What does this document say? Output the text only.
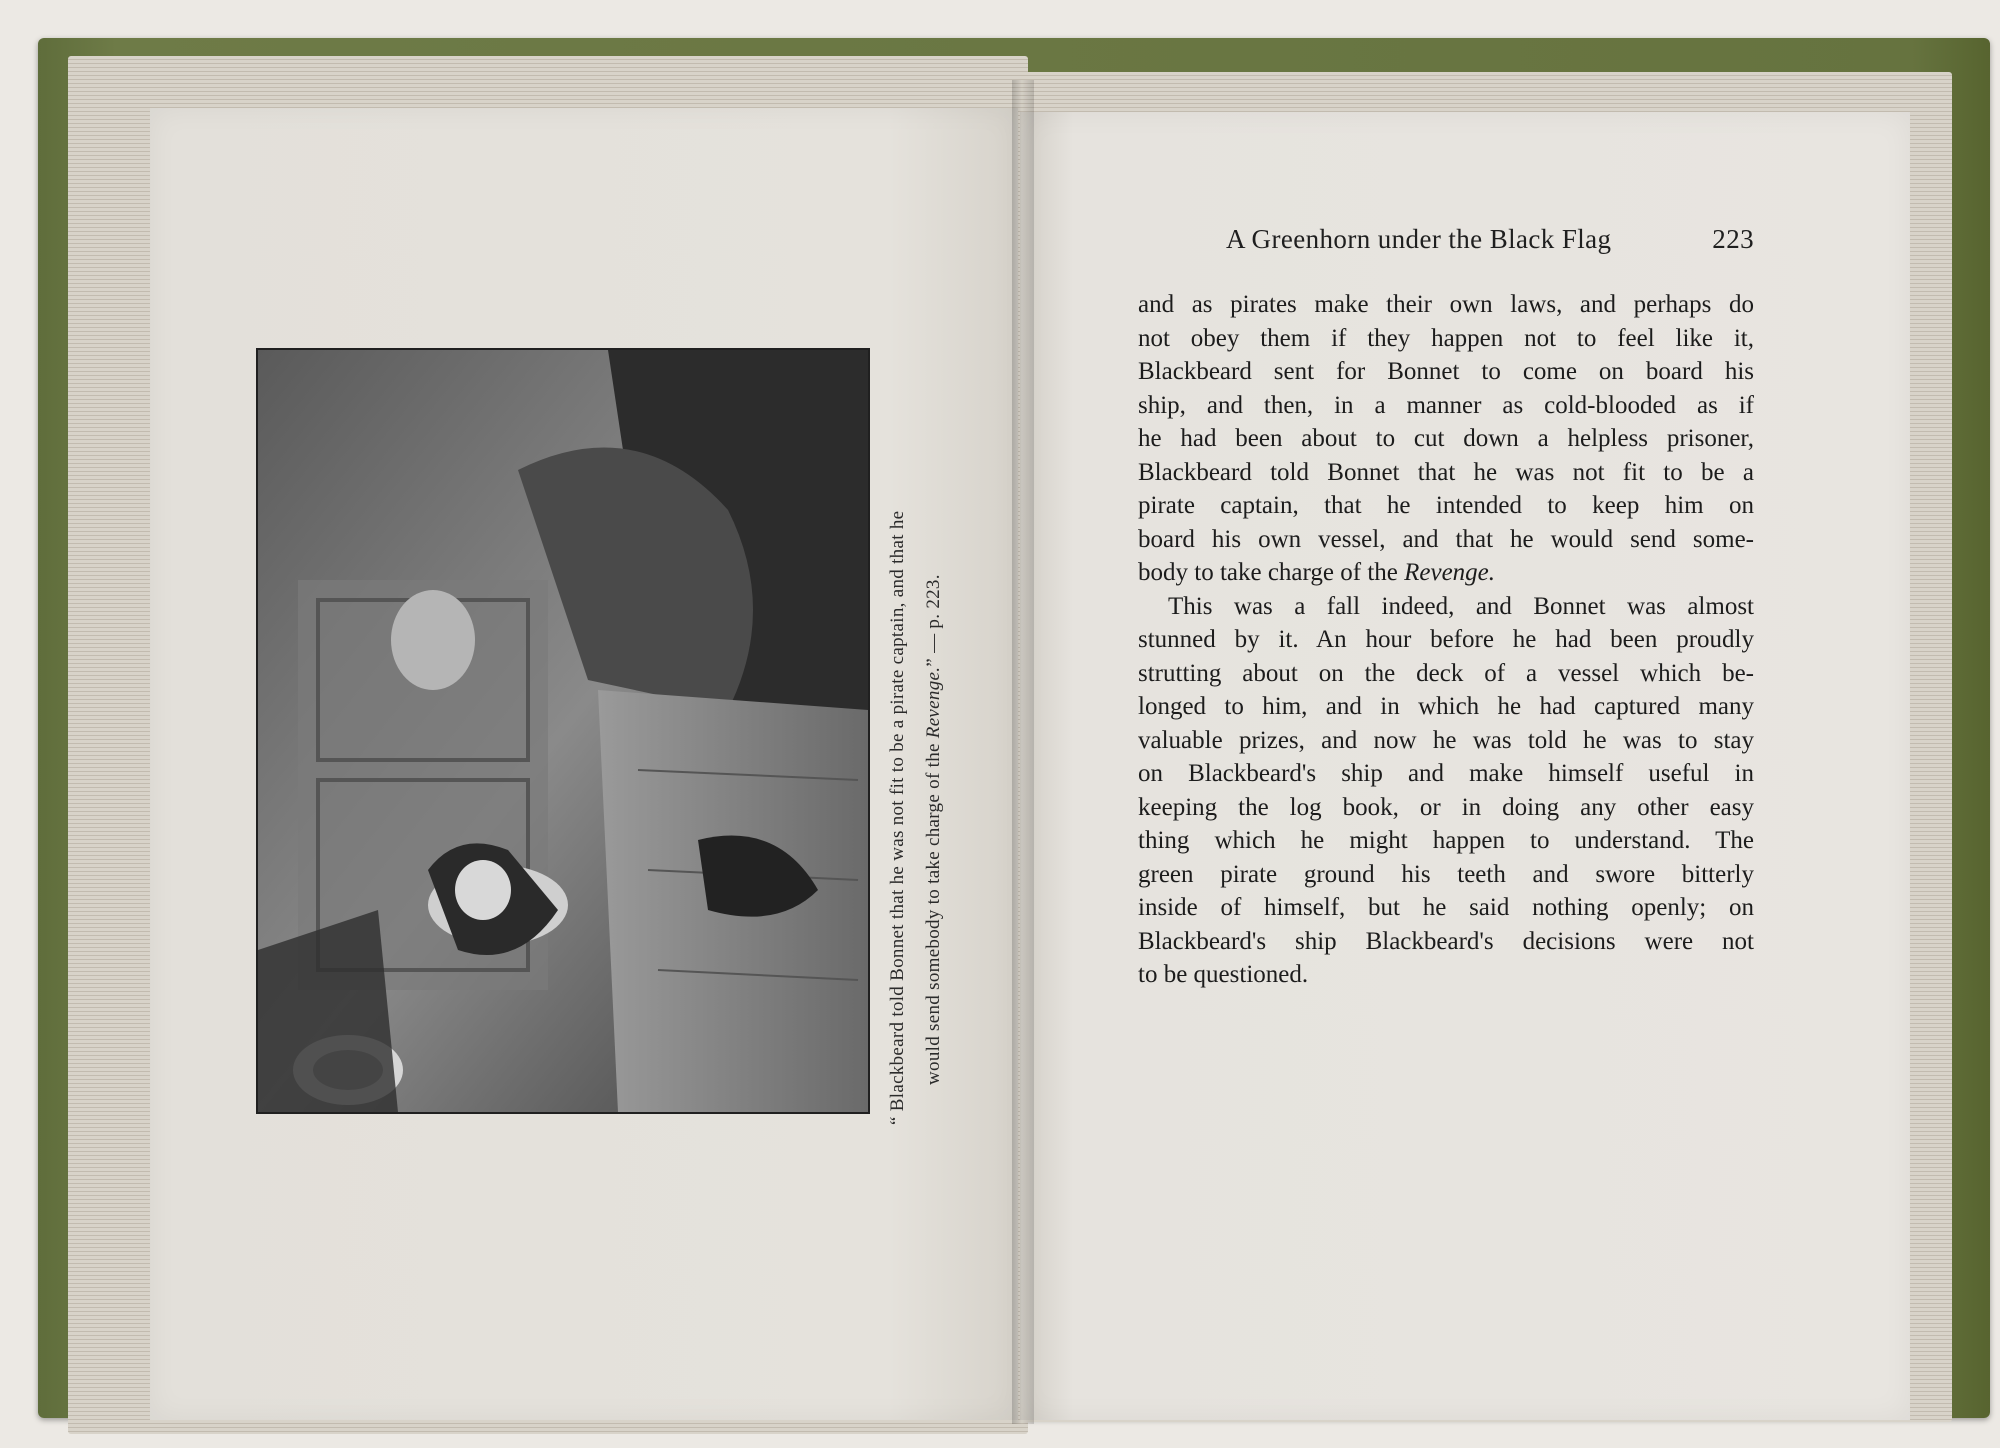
“ Blackbeard told Bonnet that he was not fit to be a pirate captain, and that he would send somebody to take charge of the Revenge.” — p. 223.
A Greenhorn under the Black Flag	223
and as pirates make their own laws, and perhaps do
not obey them if they happen not to feel like it,
Blackbeard sent for Bonnet to come on board his
ship, and then, in a manner as cold-blooded as if
he had been about to cut down a helpless prisoner,
Blackbeard told Bonnet that he was not fit to be a
pirate captain, that he intended to keep him on
board his own vessel, and that he would send some-
body to take charge of the Revenge.
This was a fall indeed, and Bonnet was almost
stunned by it. An hour before he had been proudly
strutting about on the deck of a vessel which be-
longed to him, and in which he had captured many
valuable prizes, and now he was told he was to stay
on Blackbeard's ship and make himself useful in
keeping the log book, or in doing any other easy
thing which he might happen to understand. The
green pirate ground his teeth and swore bitterly
inside of himself, but he said nothing openly; on
Blackbeard's ship Blackbeard's decisions were not
to be questioned.
